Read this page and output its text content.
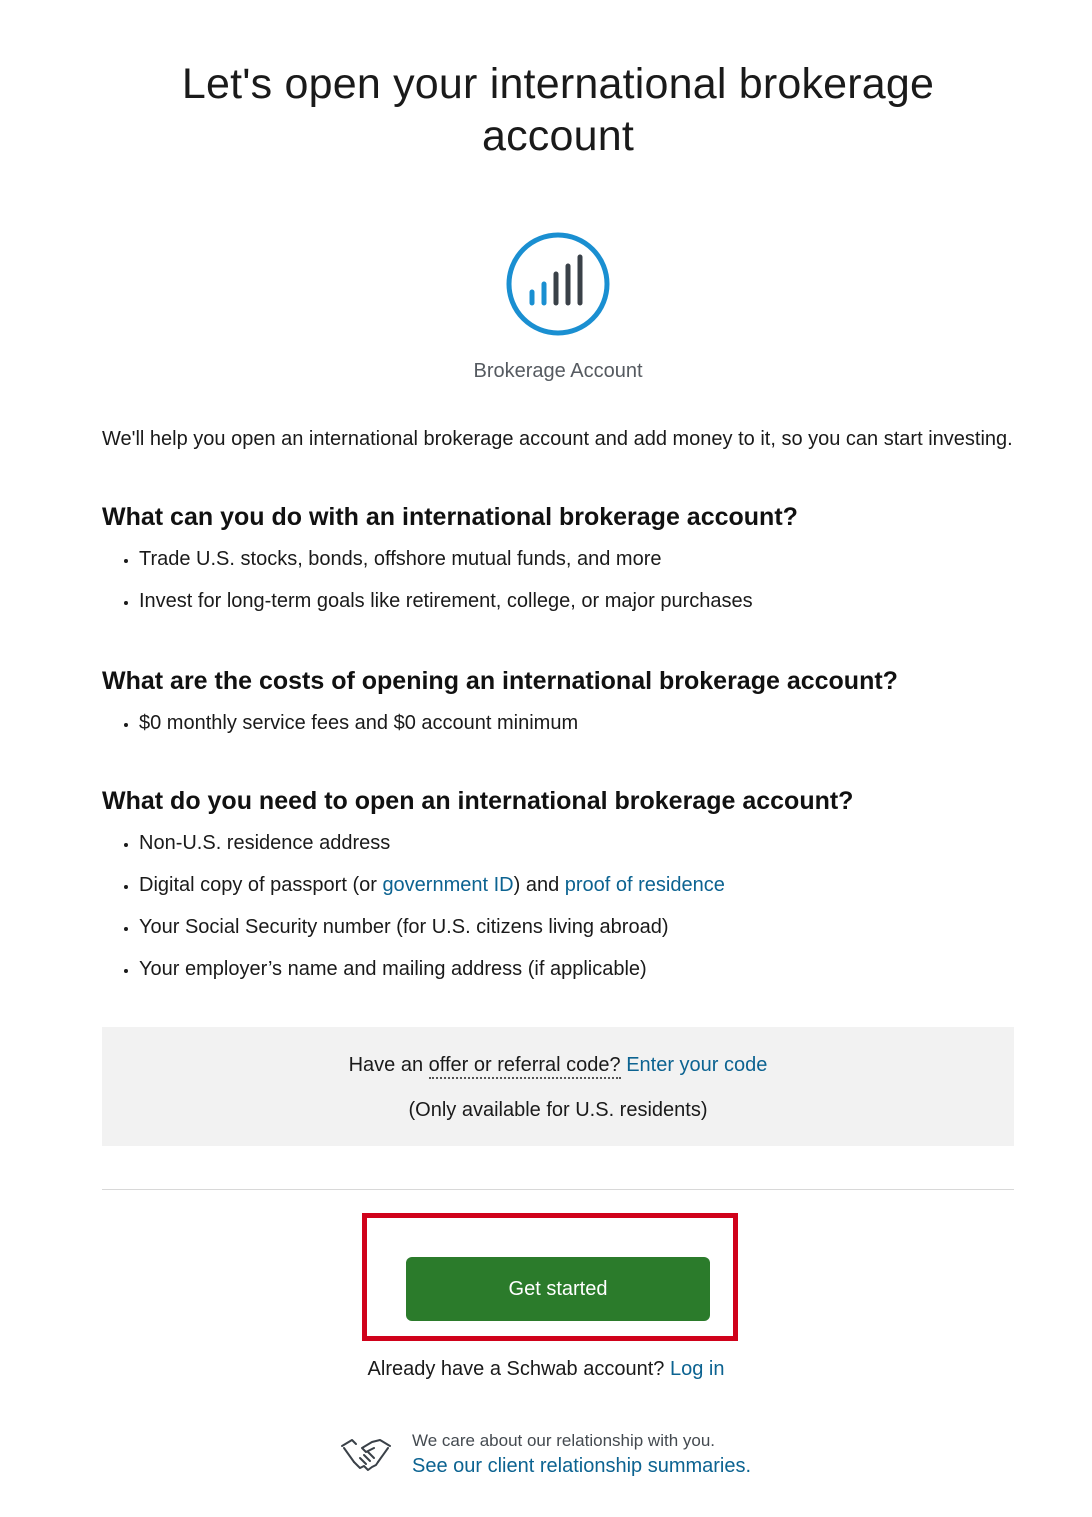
Let's open your international brokerage account
Brokerage Account

We'll help you open an international brokerage account and add money to it, so you can start investing.

What can you do with an international brokerage account?
• Trade U.S. stocks, bonds, offshore mutual funds, and more
• Invest for long-term goals like retirement, college, or major purchases
What are the costs of opening an international brokerage account?
• $0 monthly service fees and $0 account minimum
What do you need to open an international brokerage account?
• Non-U.S. residence address
• Digital copy of passport (or government ID) and proof of residence
• Your Social Security number (for U.S. citizens living abroad)
• Your employer’s name and mailing address (if applicable)
Have an offer or referral code? Enter your code
(Only available for U.S. residents)
Get started
Already have a Schwab account? Log in
We care about our relationship with you.
See our client relationship summaries.
